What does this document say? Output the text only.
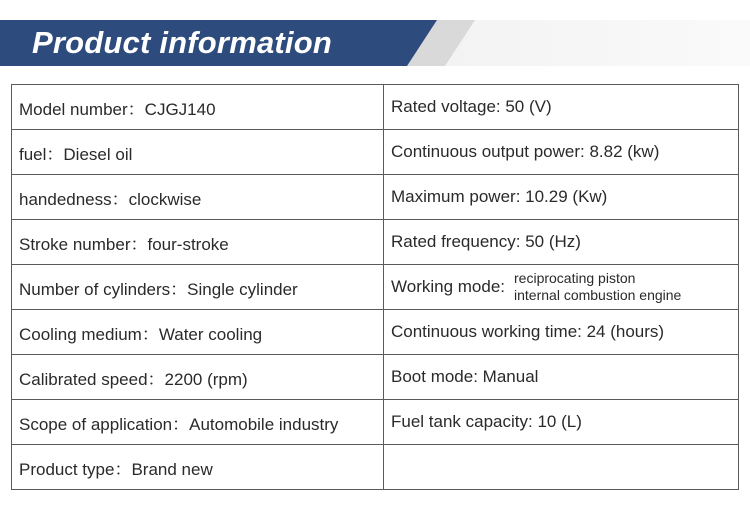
Product information
Model number：CJGJ140	Rated voltage: 50 (V)
fuel：Diesel oil	Continuous output power: 8.82 (kw)
handedness：clockwise	Maximum power: 10.29 (Kw)
Stroke number：four-stroke	Rated frequency: 50 (Hz)
Number of cylinders：Single cylinder	Working mode: reciprocating piston
internal combustion engine

Cooling medium：Water cooling	Continuous working time: 24 (hours)
Calibrated speed：2200 (rpm)	Boot mode: Manual
Scope of application：Automobile industry	Fuel tank capacity: 10 (L)
Product type：Brand new	
